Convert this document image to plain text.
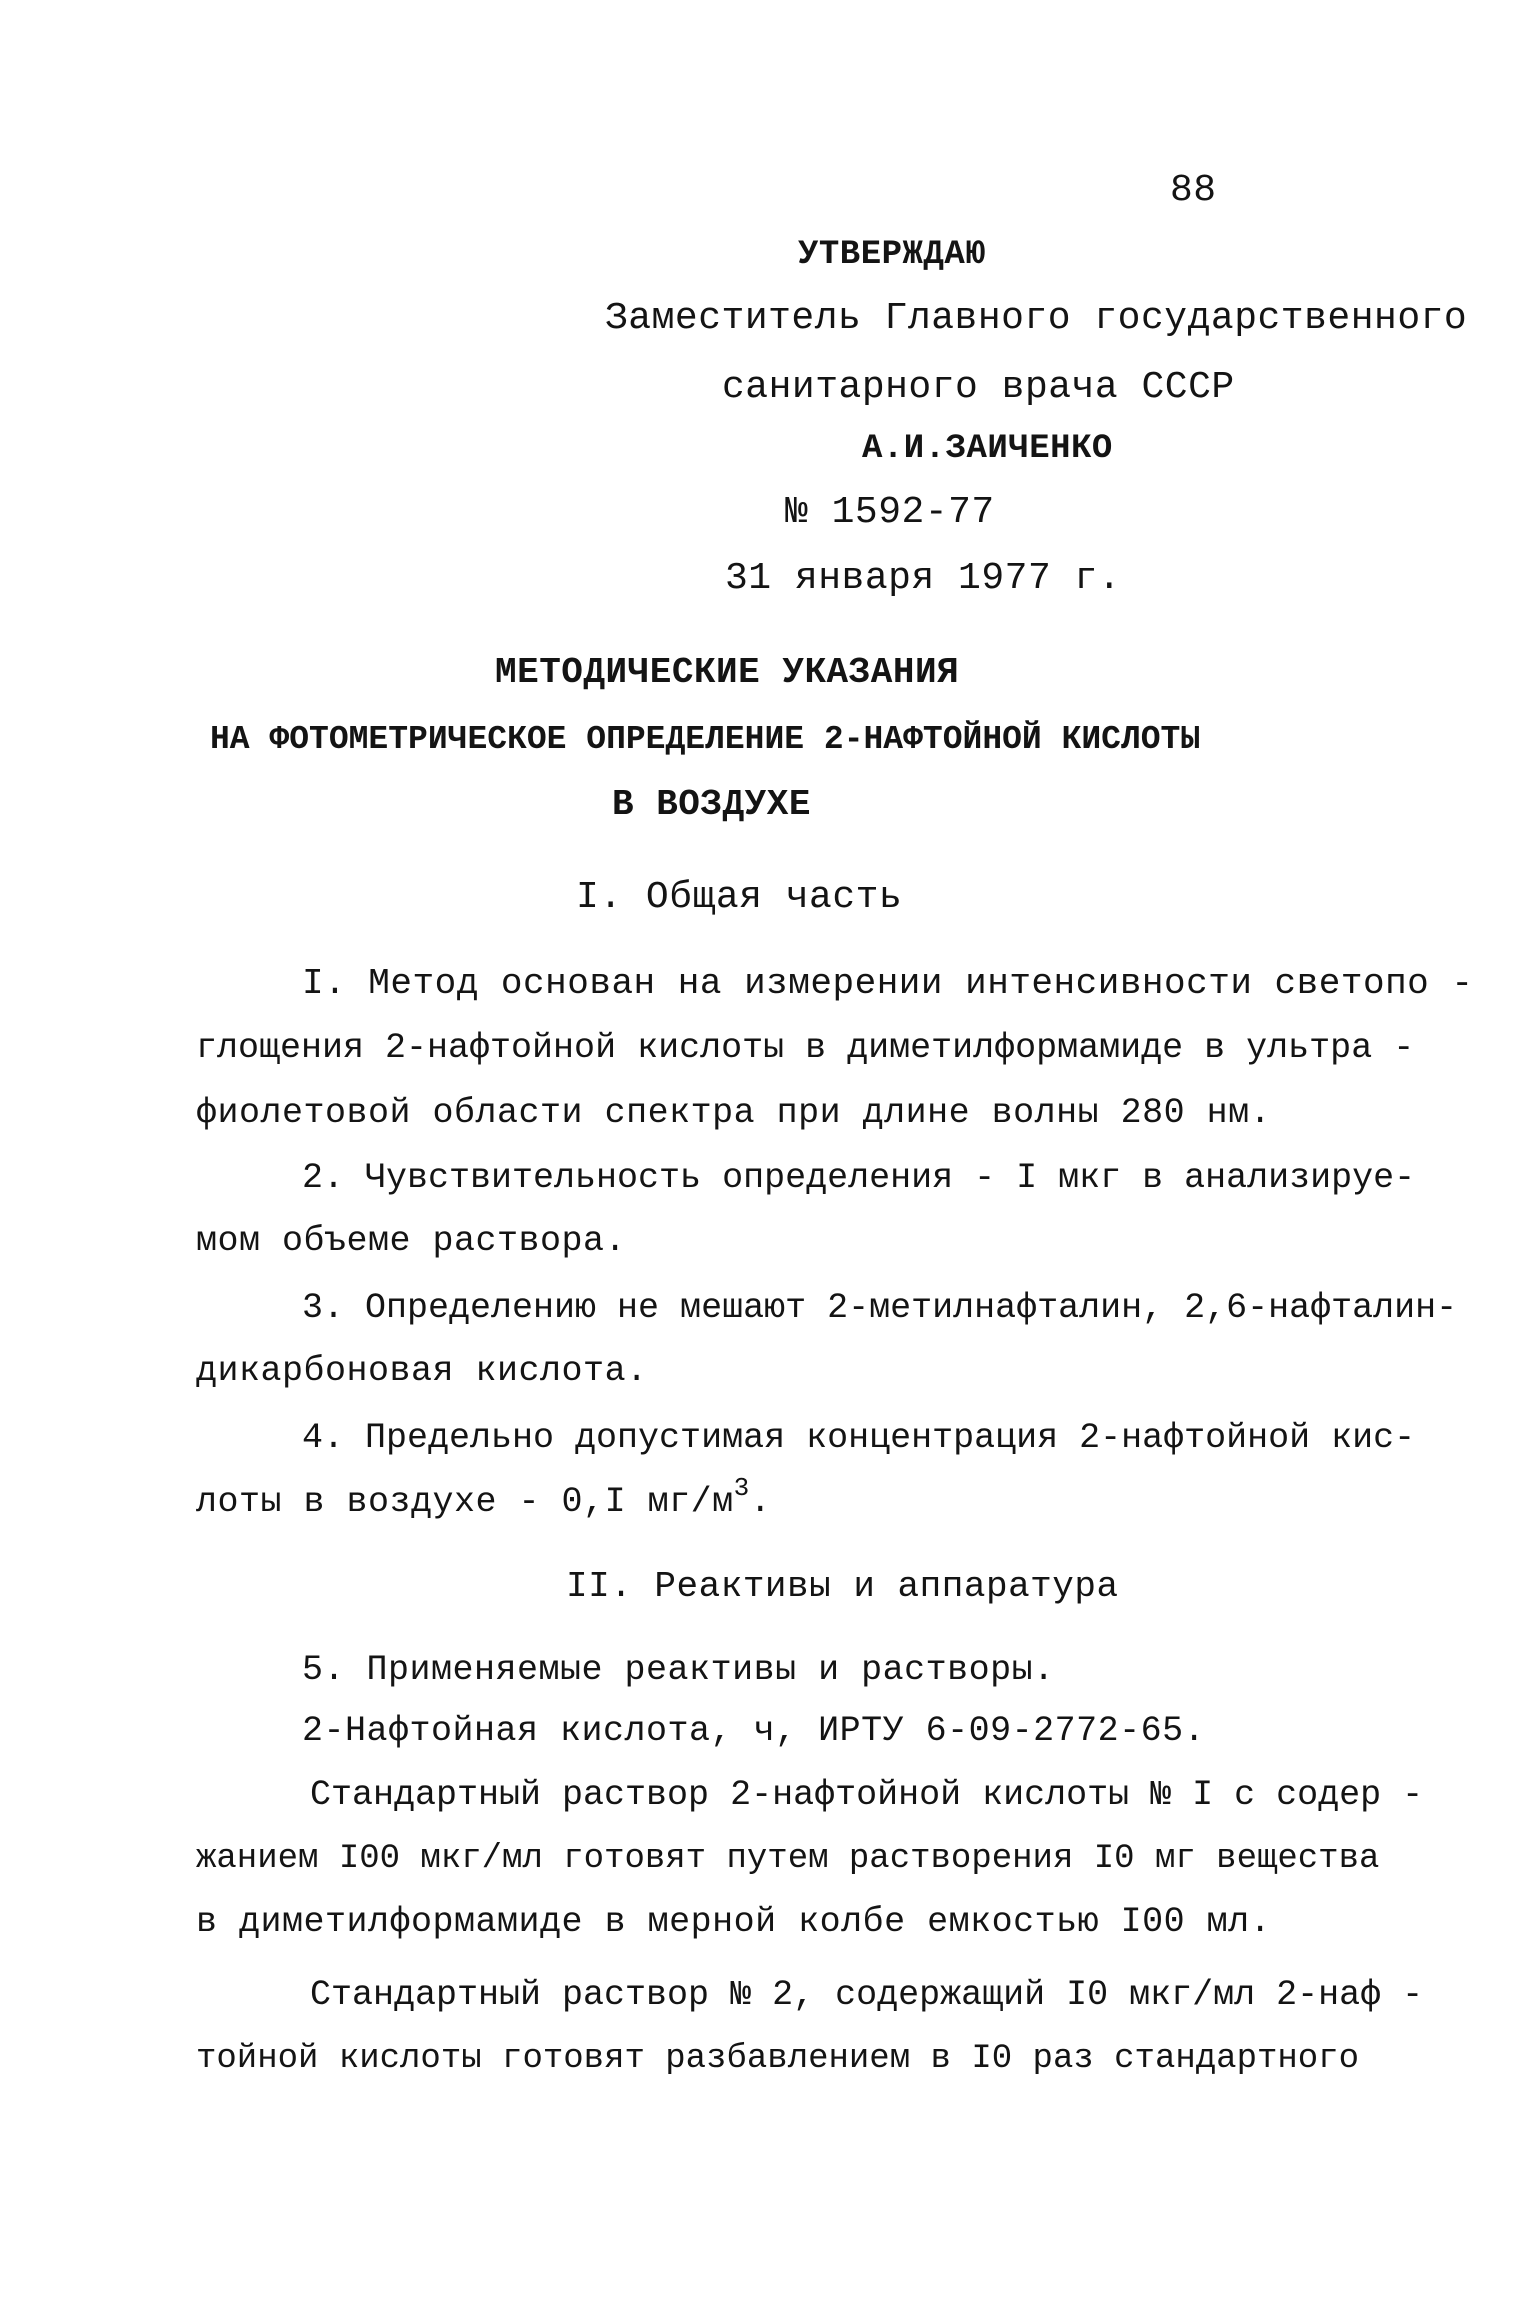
88
УТВЕРЖДАЮ
Заместитель Главного государственного
санитарного врача СССР
А.И.ЗАИЧЕНКО
№ 1592-77
31 января 1977 г.
МЕТОДИЧЕСКИЕ УКАЗАНИЯ
НА ФОТОМЕТРИЧЕСКОЕ ОПРЕДЕЛЕНИЕ 2-НАФТОЙНОЙ КИСЛОТЫ
В ВОЗДУХЕ
I. Общая часть
I. Метод основан на измерении интенсивности светопо -
глощения 2-нафтойной кислоты в диметилформамиде в ультра -
фиолетовой области спектра при длине волны 280 нм.
2. Чувствительность определения - I мкг в анализируе-
мом объеме раствора.
3. Определению не мешают 2-метилнафталин, 2,6-нафталин-
дикарбоновая кислота.
4. Предельно допустимая концентрация 2-нафтойной кис-
лоты в воздухе - 0,I $мг/м^3$.
II. Реактивы и аппаратура
5. Применяемые реактивы и растворы.
2-Нафтойная кислота, ч, ИРТУ 6-09-2772-65.
Стандартный раствор 2-нафтойной кислоты № I с содер -
жанием I00 мкг/мл готовят путем растворения I0 мг вещества
в диметилформамиде в мерной колбе емкостью I00 мл.
Стандартный раствор № 2, содержащий I0 мкг/мл 2-наф -
тойной кислоты готовят разбавлением в I0 раз стандартного
